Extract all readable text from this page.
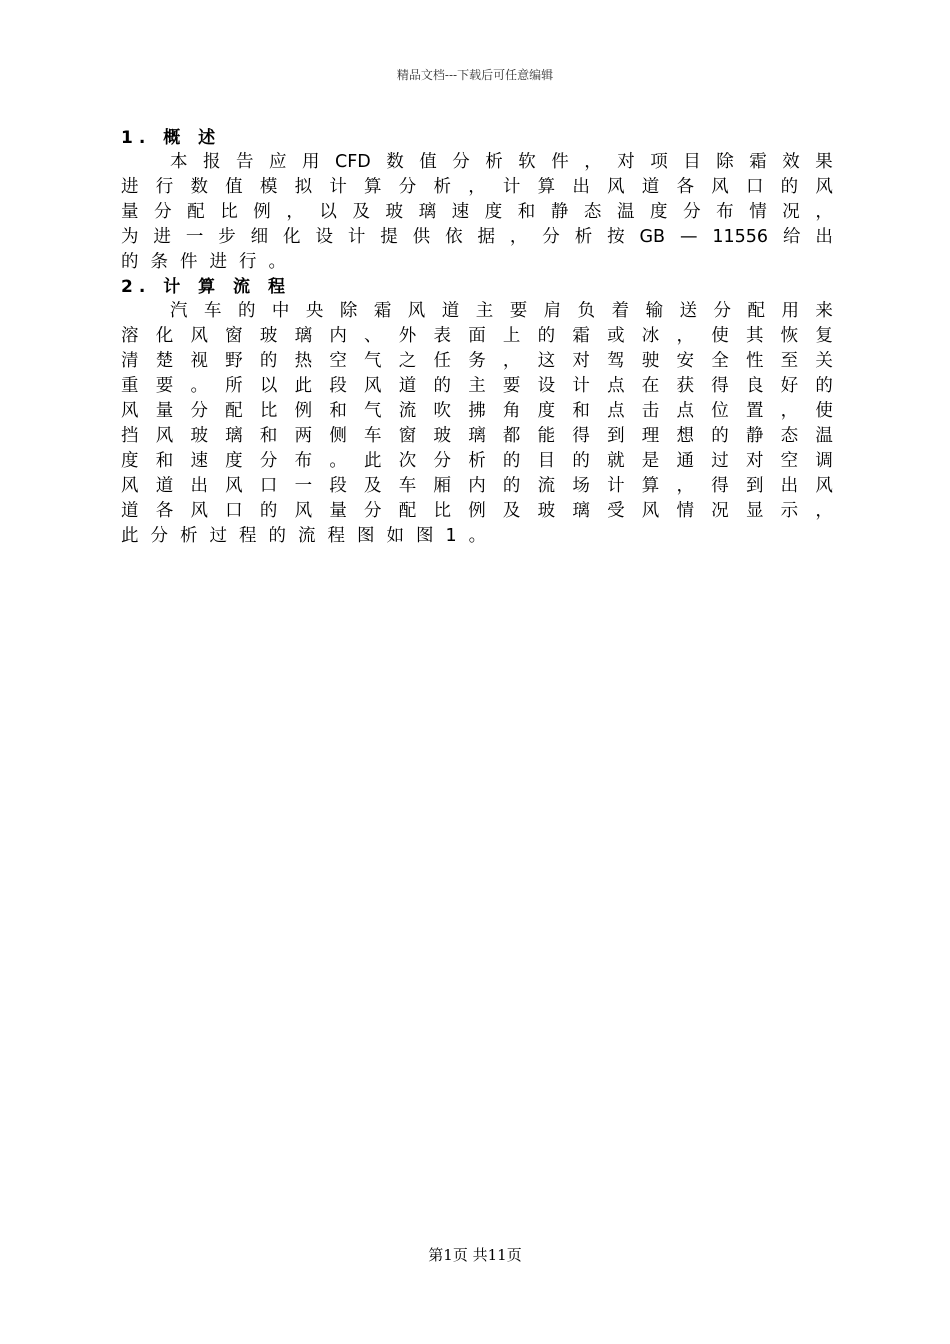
精品文档---下载后可任意编辑
1. 概 述
本 报 告 应 用 CFD 数 值 分 析 软 件 ， 对 项 目 除 霜 效 果
进 行 数 值 模 拟 计 算 分 析 ， 计 算 出 风 道 各 风 口 的 风
量 分 配 比 例 ， 以 及 玻 璃 速 度 和 静 态 温 度 分 布 情 况 ，
为 进 一 步 细 化 设 计 提 供 依 据 ， 分 析 按 GB — 11556 给 出
的 条 件 进 行 。
2. 计 算 流 程
汽 车 的 中 央 除 霜 风 道 主 要 肩 负 着 输 送 分 配 用 来
溶 化 风 窗 玻 璃 内 、 外 表 面 上 的 霜 或 冰 ， 使 其 恢 复
清 楚 视 野 的 热 空 气 之 任 务 ， 这 对 驾 驶 安 全 性 至 关
重 要 。 所 以 此 段 风 道 的 主 要 设 计 点 在 获 得 良 好 的
风 量 分 配 比 例 和 气 流 吹 拂 角 度 和 点 击 点 位 置 ， 使
挡 风 玻 璃 和 两 侧 车 窗 玻 璃 都 能 得 到 理 想 的 静 态 温
度 和 速 度 分 布 。 此 次 分 析 的 目 的 就 是 通 过 对 空 调
风 道 出 风 口 一 段 及 车 厢 内 的 流 场 计 算 ， 得 到 出 风
道 各 风 口 的 风 量 分 配 比 例 及 玻 璃 受 风 情 况 显 示 ，
此 分 析 过 程 的 流 程 图 如 图 1 。
第1页 共11页
